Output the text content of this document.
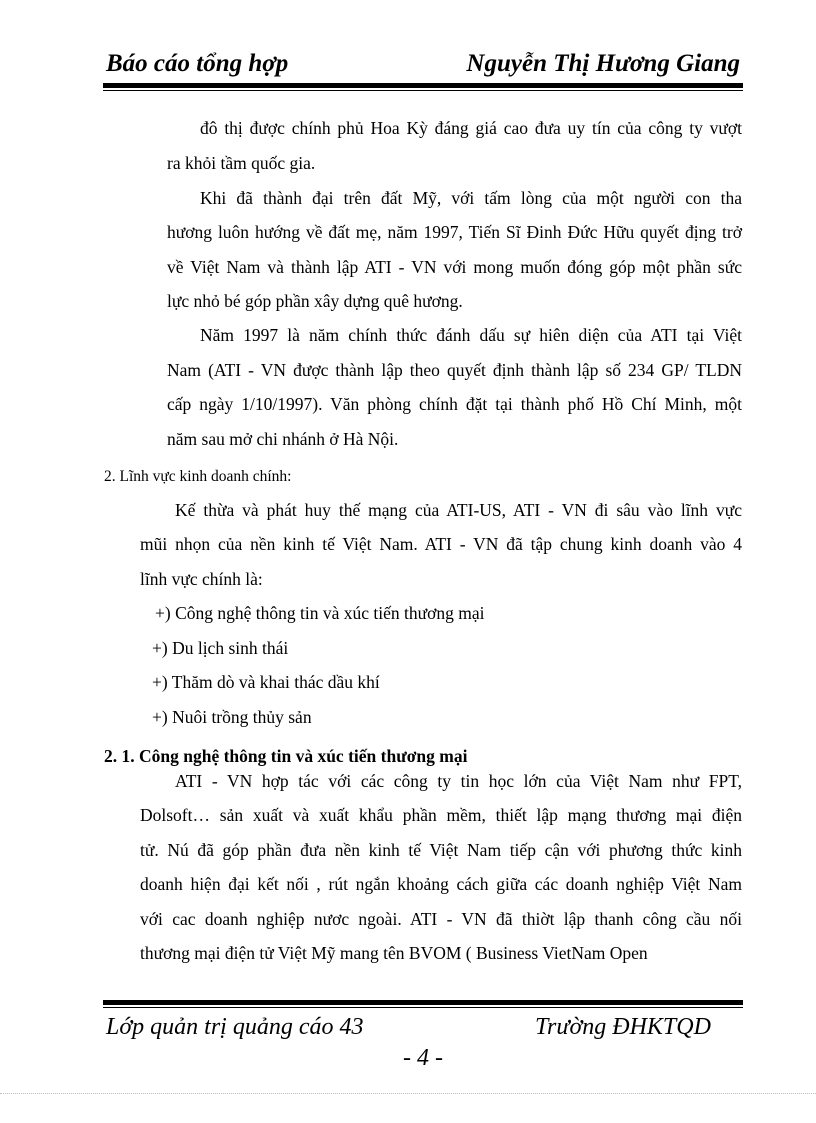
Báo cáo tổng hợp	Nguyễn Thị Hương Giang
đô thị được chính phủ Hoa Kỳ đáng giá cao đưa uy tín của công ty vượt
ra khỏi tầm quốc gia.
Khi đã thành đại trên đất Mỹ, với tấm lòng của một người con tha
hương luôn hướng về đất mẹ, năm 1997, Tiến Sĩ Đinh Đức Hữu quyết địng trở
về Việt Nam và thành lập ATI - VN với mong muốn đóng góp một phần sức
lực nhỏ bé góp phần xây dựng quê hương.
Năm 1997 là năm chính thức đánh dấu sự hiên diện của ATI tại Việt
Nam (ATI - VN được thành lập theo quyết định thành lập số 234 GP/ TLDN
cấp ngày 1/10/1997). Văn phòng chính đặt tại thành phố Hồ Chí Minh, một
năm sau mở chi nhánh ở Hà Nội.
2. Lĩnh vực kinh doanh chính:
Kế thừa và phát huy thế mạng của ATI-US, ATI - VN đi sâu vào lĩnh vực
mũi nhọn của nền kinh tế Việt Nam. ATI - VN đã tập chung kinh doanh vào 4
lĩnh vực chính là:
+) Công nghệ thông tin và xúc tiến thương mại
+) Du lịch sinh thái
+) Thăm dò và khai thác dầu khí
+) Nuôi trồng thủy sản
2. 1. Công nghệ thông tin và xúc tiến thương mại
ATI - VN hợp tác với các công ty tin học lớn của Việt Nam như FPT,
Dolsoft… sản xuất và xuất khẩu phần mềm, thiết lập mạng thương mại điện
tử. Nú đã góp phần đưa nền kinh tế Việt Nam tiếp cận với phương thức kinh
doanh hiện đại kết nối , rút ngắn khoảng cách giữa các doanh nghiệp Việt Nam
với cac doanh nghiệp nươc ngoài. ATI - VN đã thiờt lập thanh công cầu nối
thương mại điện tử Việt Mỹ mang tên BVOM ( Business VietNam Open
Lớp quản trị quảng cáo 43	Trường ĐHKTQD
- 4 -
